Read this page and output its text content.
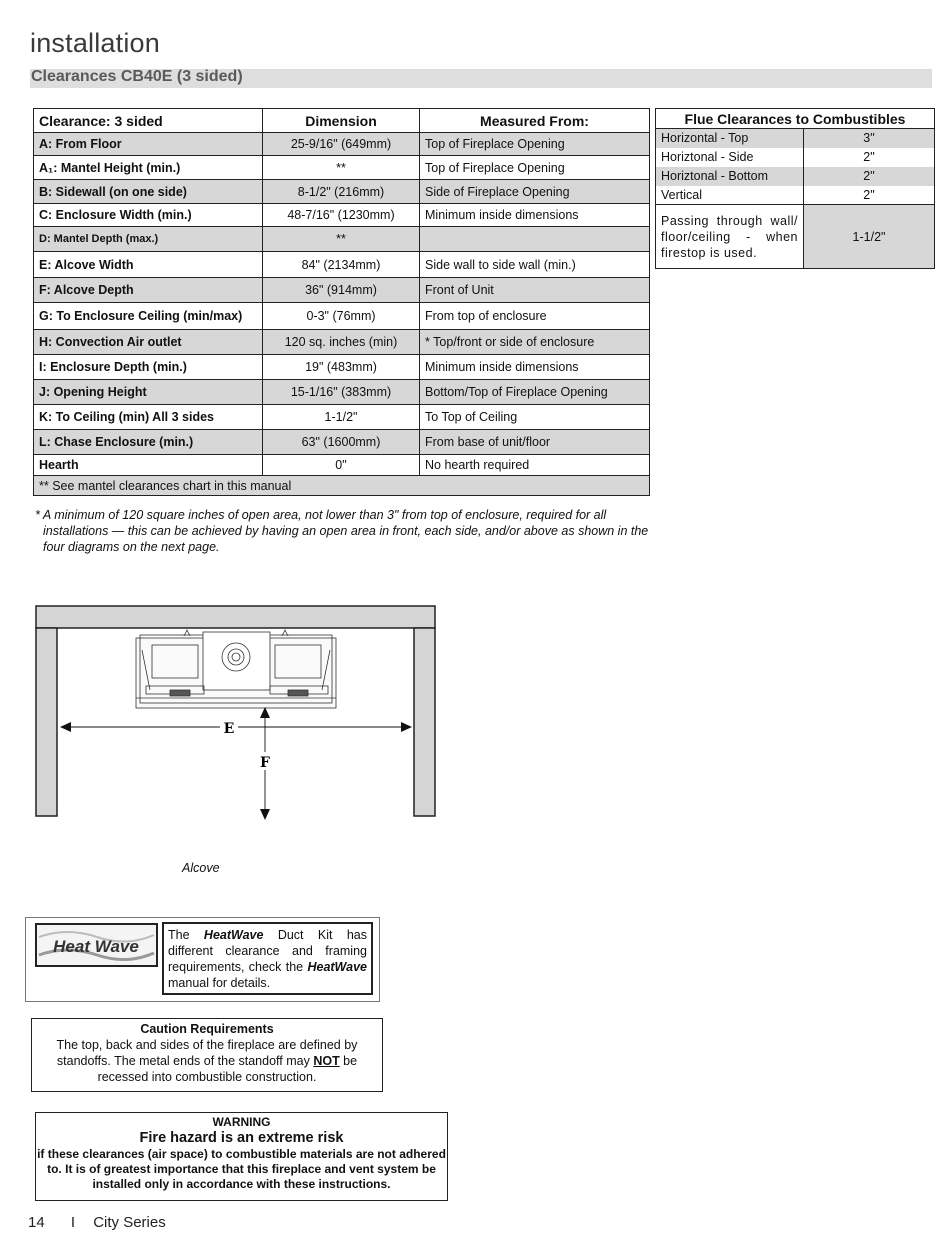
installation
Clearances CB40E (3 sided)
Clearance: 3 sided	Dimension	Measured From:
A: From Floor	25-9/16" (649mm)	Top of Fireplace Opening
A₁: Mantel Height (min.)	**	Top of Fireplace Opening
B: Sidewall (on one side)	8-1/2" (216mm)	Side of Fireplace Opening
C: Enclosure Width (min.)	48-7/16" (1230mm)	Minimum inside dimensions
D: Mantel Depth (max.)	**	
E: Alcove Width	84" (2134mm)	Side wall to side wall (min.)
F: Alcove Depth	36" (914mm)	Front of Unit
G: To Enclosure Ceiling (min/max)	0-3" (76mm)	From top of enclosure
H: Convection Air outlet	120 sq. inches (min)	* Top/front or side of enclosure
I: Enclosure Depth (min.)	19" (483mm)	Minimum inside dimensions
J: Opening Height	15-1/16" (383mm)	Bottom/Top of Fireplace Opening
K: To Ceiling (min) All 3 sides	1-1/2"	To Top of Ceiling
L: Chase Enclosure (min.)	63" (1600mm)	From base of unit/floor
Hearth	0"	No hearth required
** See mantel clearances chart in this manual		
Flue Clearances to Combustibles	
Horizontal - Top	3"
Horiztonal - Side	2"
Horiztonal - Bottom	2"
Vertical	2"
Passing through wall/ floor/ceiling - when firestop is used.	1-1/2"
* A minimum of 120 square inches of open area, not lower than 3" from top of enclosure, required for all installations — this can be achieved by having an open area in front, each side, and/or above as shown in the four diagrams on the next page.
E
F
Alcove
Heat Wave
The HeatWave Duct Kit has different clearance and framing requirements, check the HeatWave manual for details.
Caution Requirements
The top, back and sides of the fireplace are defined by standoffs. The metal ends of the standoff may NOT be recessed into combustible construction.
WARNING
Fire hazard is an extreme risk
if these clearances (air space) to combustible materials are not adhered to. It is of greatest importance that this fireplace and vent system be installed only in accordance with these instructions.
14 I City Series
